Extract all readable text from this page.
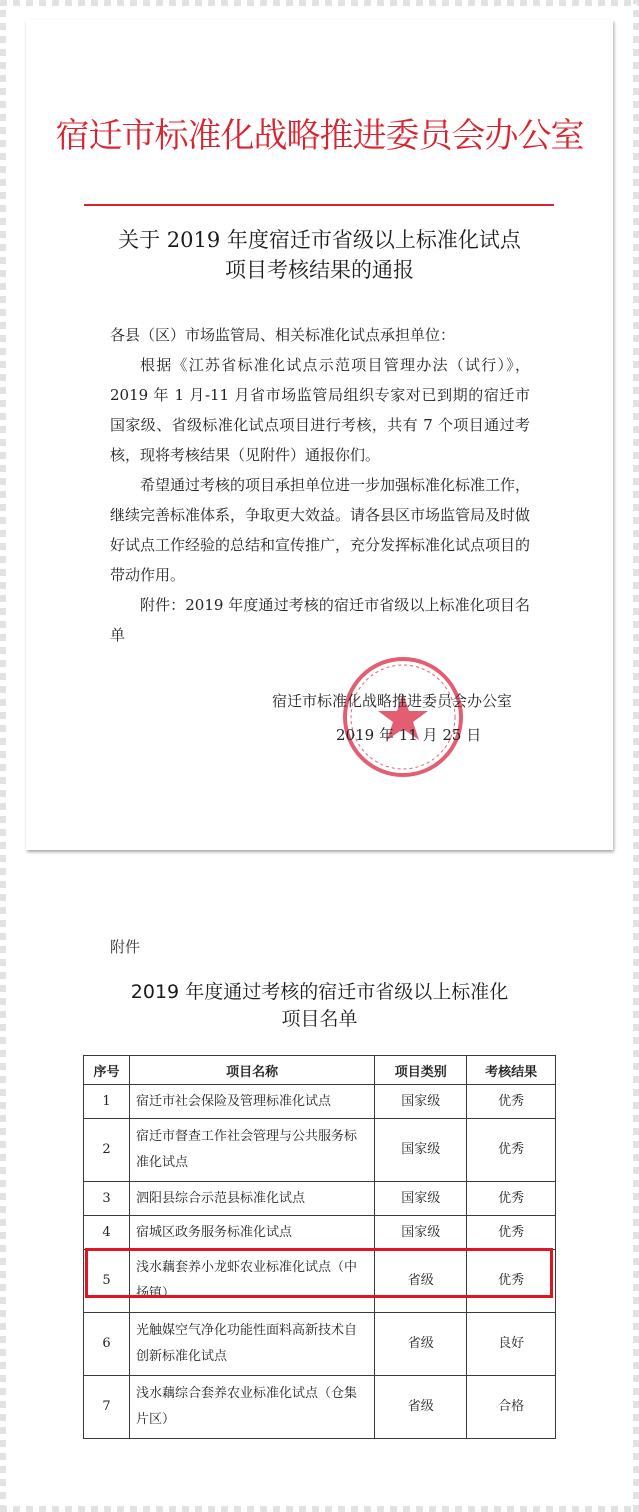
宿迁市标准化战略推进委员会办公室
关于 2019 年度宿迁市省级以上标准化试点
项目考核结果的通报

各县（区）市场监管局、相关标准化试点承担单位：

根据《江苏省标准化试点示范项目管理办法（试行）》，2019 年 1 月-11 月省市场监管局组织专家对已到期的宿迁市国家级、省级标准化试点项目进行考核，共有 7 个项目通过考核，现将考核结果（见附件）通报你们。

希望通过考核的项目承担单位进一步加强标准化标准工作，继续完善标准体系，争取更大效益。请各县区市场监管局及时做好试点工作经验的总结和宣传推广，充分发挥标准化试点项目的带动作用。

附件：2019 年度通过考核的宿迁市省级以上标准化项目名单

宿迁市标准化战略推进委员会办公室
2019 年 11 月 25 日
附件
2019 年度通过考核的宿迁市省级以上标准化
项目名单
序号	项目名称	项目类别	考核结果
1	宿迁市社会保险及管理标准化试点	国家级	优秀
2	宿迁市督查工作社会管理与公共服务标准化试点	国家级	优秀
3	泗阳县综合示范县标准化试点	国家级	优秀
4	宿城区政务服务标准化试点	国家级	优秀
5	浅水藕套养小龙虾农业标准化试点（中扬镇）	省级	优秀
6	光触媒空气净化功能性面料高新技术自创新标准化试点	省级	良好
7	浅水藕综合套养农业标准化试点（仓集片区）	省级	合格
